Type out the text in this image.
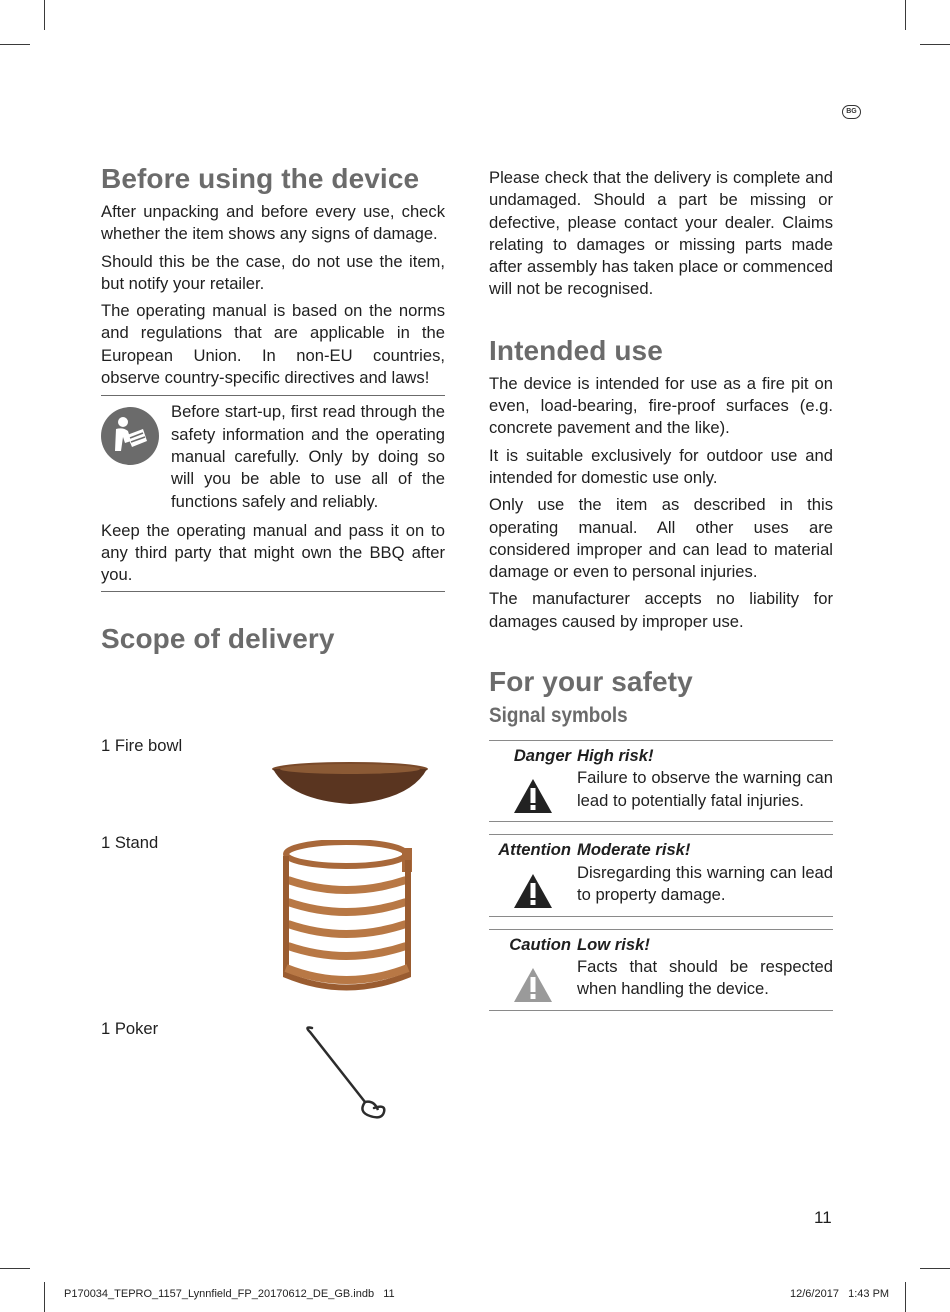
BG
Before using the device

After unpacking and before every use, check whether the item shows any signs of damage.

Should this be the case, do not use the item, but notify your retailer.

The operating manual is based on the norms and regulations that are applicable in the European Union. In non-EU countries, observe country-specific directives and laws!

Before start-up, first read through the safety information and the operating manual carefully. Only by doing so will you be able to use all of the functions safely and reliably.

Keep the operating manual and pass it on to any third party that might own the BBQ after you.

Scope of delivery
1 Fire bowl
1 Stand
1 Poker

Please check that the delivery is complete and undamaged. Should a part be missing or defective, please contact your dealer. Claims relating to damages or missing parts made after assembly has taken place or commenced will not be recognised.

Intended use

The device is intended for use as a fire pit on even, load-bearing, fire-proof surfaces (e.g. concrete pavement and the like).

It is suitable exclusively for outdoor use and intended for domestic use only.

Only use the item as described in this operating manual. All other uses are considered improper and can lead to material damage or even to personal injuries.

The manufacturer accepts no liability for damages caused by improper use.

For your safety
Signal symbols
Danger High risk!

Failure to observe the warning can lead to potentially fatal injuries.

Attention Moderate risk!

Disregarding this warning can lead to property damage.

Caution Low risk!

Facts that should be respected when handling the device.

11
P170034_TEPRO_1157_Lynnfield_FP_20170612_DE_GB.indb   11	12/6/2017   1:43 PM
